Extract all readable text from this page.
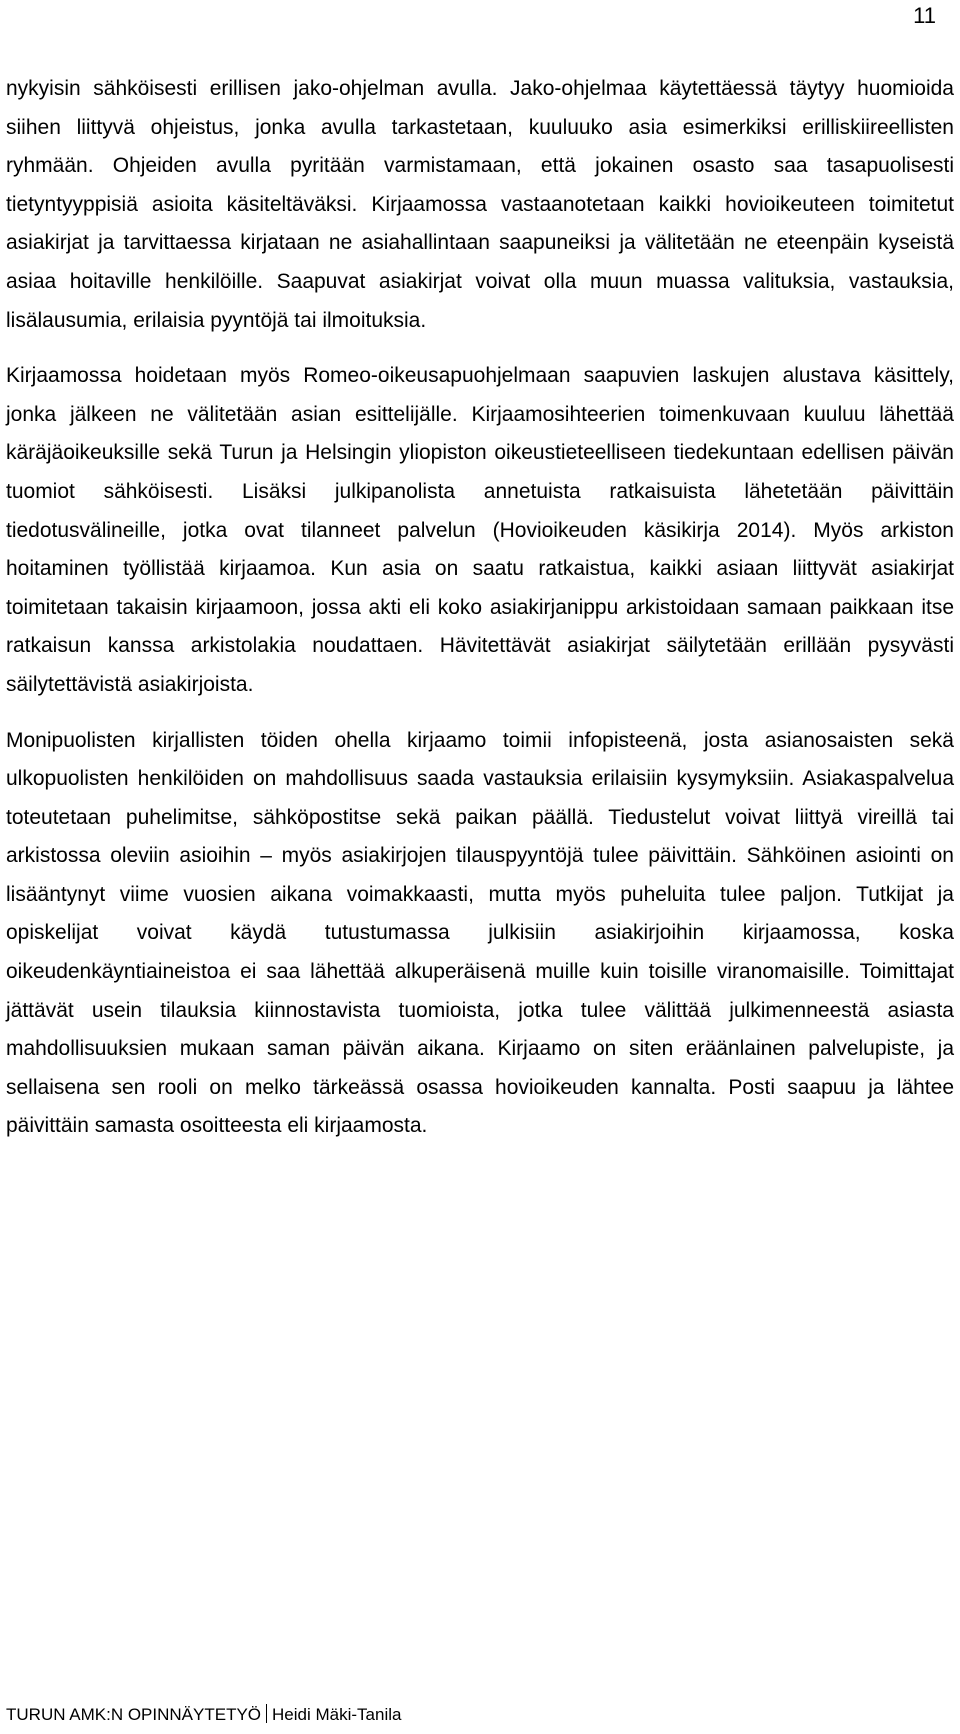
11

nykyisin sähköisesti erillisen jako-ohjelman avulla. Jako-ohjelmaa käytettäessä täytyy huomioida siihen liittyvä ohjeistus, jonka avulla tarkastetaan, kuuluuko asia esimerkiksi erilliskiireellisten ryhmään. Ohjeiden avulla pyritään varmistamaan, että jokainen osasto saa tasapuolisesti tietyntyyppisiä asioita käsiteltäväksi. Kirjaamossa vastaanotetaan kaikki hovioikeuteen toimitetut asiakirjat ja tarvittaessa kirjataan ne asiahallintaan saapuneiksi ja välitetään ne eteenpäin kyseistä asiaa hoitaville henkilöille. Saapuvat asiakirjat voivat olla muun muassa valituksia, vastauksia, lisälausumia, erilaisia pyyntöjä tai ilmoituksia.

Kirjaamossa hoidetaan myös Romeo-oikeusapuohjelmaan saapuvien laskujen alustava käsittely, jonka jälkeen ne välitetään asian esittelijälle. Kirjaamosihteerien toimenkuvaan kuuluu lähettää käräjäoikeuksille sekä Turun ja Helsingin yliopiston oikeustieteelliseen tiedekuntaan edellisen päivän tuomiot sähköisesti. Lisäksi julkipanolista annetuista ratkaisuista lähetetään päivittäin tiedotusvälineille, jotka ovat tilanneet palvelun (Hovioikeuden käsikirja 2014). Myös arkiston hoitaminen työllistää kirjaamoa. Kun asia on saatu ratkaistua, kaikki asiaan liittyvät asiakirjat toimitetaan takaisin kirjaamoon, jossa akti eli koko asiakirjanippu arkistoidaan samaan paikkaan itse ratkaisun kanssa arkistolakia noudattaen. Hävitettävät asiakirjat säilytetään erillään pysyvästi säilytettävistä asiakirjoista.

Monipuolisten kirjallisten töiden ohella kirjaamo toimii infopisteenä, josta asianosaisten sekä ulkopuolisten henkilöiden on mahdollisuus saada vastauksia erilaisiin kysymyksiin. Asiakaspalvelua toteutetaan puhelimitse, sähköpostitse sekä paikan päällä. Tiedustelut voivat liittyä vireillä tai arkistossa oleviin asioihin – myös asiakirjojen tilauspyyntöjä tulee päivittäin. Sähköinen asiointi on lisääntynyt viime vuosien aikana voimakkaasti, mutta myös puheluita tulee paljon. Tutkijat ja opiskelijat voivat käydä tutustumassa julkisiin asiakirjoihin kirjaamossa, koska oikeudenkäyntiaineistoa ei saa lähettää alkuperäisenä muille kuin toisille viranomaisille. Toimittajat jättävät usein tilauksia kiinnostavista tuomioista, jotka tulee välittää julkimenneestä asiasta mahdollisuuksien mukaan saman päivän aikana. Kirjaamo on siten eräänlainen palvelupiste, ja sellaisena sen rooli on melko tärkeässä osassa hovioikeuden kannalta. Posti saapuu ja lähtee päivittäin samasta osoitteesta eli kirjaamosta.

TURUN AMK:N OPINNÄYTETYÖ Heidi Mäki-Tanila
